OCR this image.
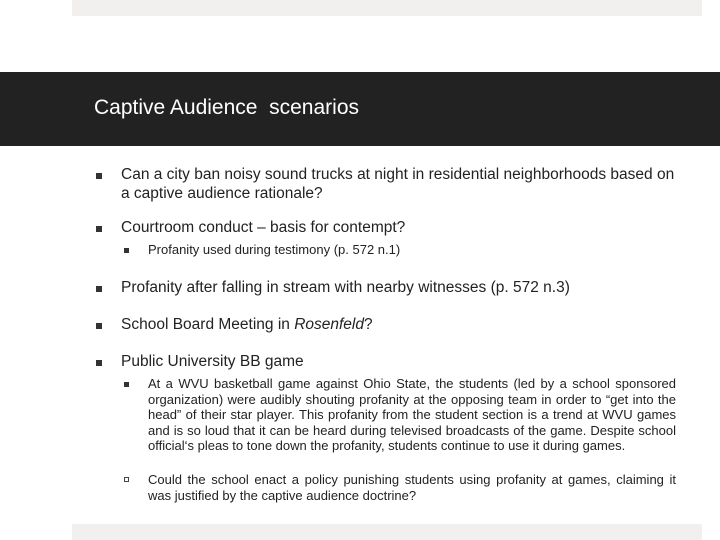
Captive Audience  scenarios
Can a city ban noisy sound trucks at night in residential neighborhoods based on a captive audience rationale?
Courtroom conduct – basis for contempt?
Profanity used during testimony (p. 572 n.1)
Profanity after falling in stream with nearby witnesses (p. 572 n.3)
School Board Meeting in Rosenfeld?
Public University BB game
At a WVU basketball game against Ohio State, the students (led by a school sponsored organization) were audibly shouting profanity at the opposing team in order to “get into the head” of their star player. This profanity from the student section is a trend at WVU games and is so loud that it can be heard during televised broadcasts of the game. Despite school official‘s pleas to tone down the profanity, students continue to use it during games.
Could the school enact a policy punishing students using profanity at games, claiming it was justified by the captive audience doctrine?
